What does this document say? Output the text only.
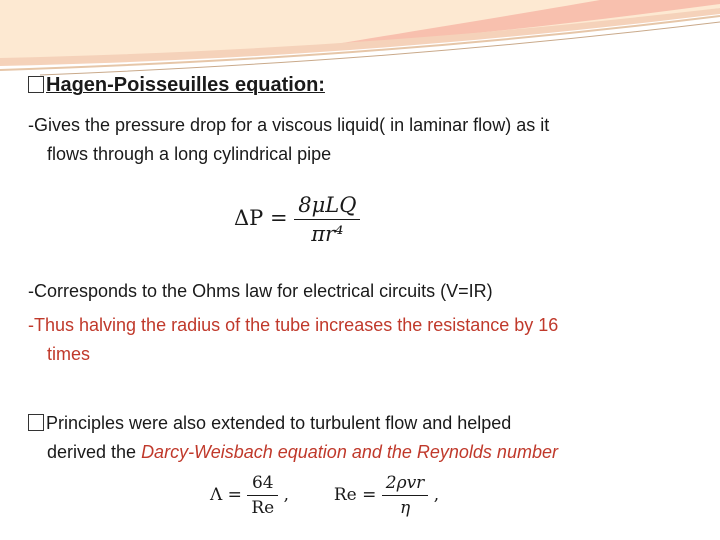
Hagen-Poisseuilles equation:
-Gives the pressure drop for a viscous liquid( in laminar flow) as it
flows through a long cylindrical pipe
$\Delta P = \frac{\text{8μLQ}}{\text{πr⁴}}$
-Corresponds to the Ohms law for electrical circuits (V=IR)
-Thus halving the radius of the tube increases the resistance by 16
times
Principles were also extended to turbulent flow and helped
derived the Darcy-Weisbach equation and the Reynolds number
$\Lambda = \frac{64}{Re}$ ,	$Re = \frac{\text{2ρvr}}{\eta}$ ,
